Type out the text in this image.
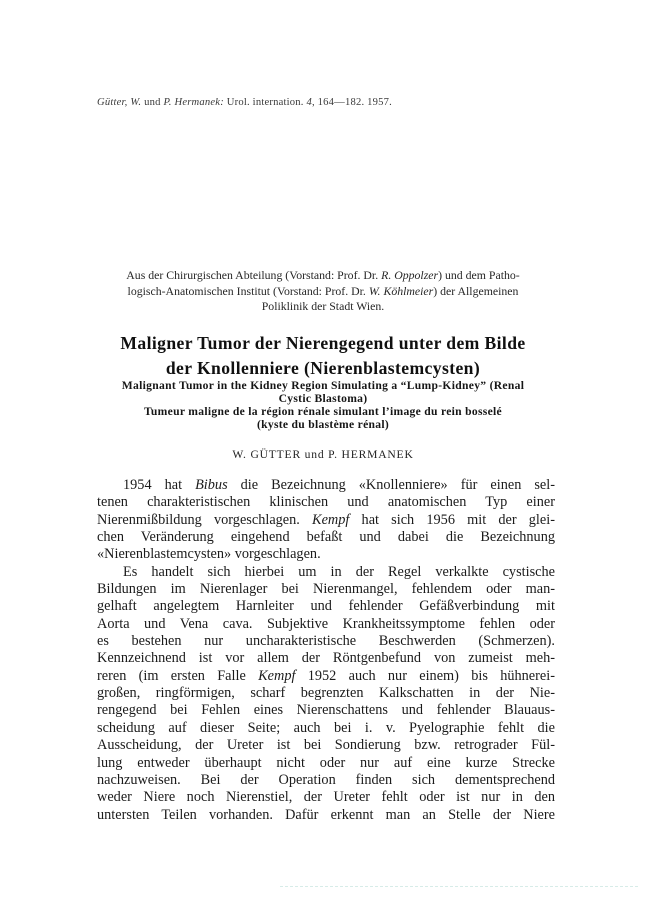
Gütter, W. und P. Hermanek: Urol. internation. 4, 164—182. 1957.
Aus der Chirurgischen Abteilung (Vorstand: Prof. Dr. R. Oppolzer) und dem Patho-
logisch-Anatomischen Institut (Vorstand: Prof. Dr. W. Köhlmeier) der Allgemeinen
Poliklinik der Stadt Wien.
Maligner Tumor der Nierengegend unter dem Bilde
der Knollenniere (Nierenblastemcysten)
Malignant Tumor in the Kidney Region Simulating a “Lump-Kidney” (Renal
Cystic Blastoma)
Tumeur maligne de la région rénale simulant l’image du rein bosselé
(kyste du blastème rénal)
W. GÜTTER und P. HERMANEK
1954 hat Bibus die Bezeichnung «Knollenniere» für einen sel-
tenen charakteristischen klinischen und anatomischen Typ einer
Nierenmißbildung vorgeschlagen. Kempf hat sich 1956 mit der glei-
chen Veränderung eingehend befaßt und dabei die Bezeichnung
«Nierenblastemcysten» vorgeschlagen.
Es handelt sich hierbei um in der Regel verkalkte cystische
Bildungen im Nierenlager bei Nierenmangel, fehlendem oder man-
gelhaft angelegtem Harnleiter und fehlender Gefäßverbindung mit
Aorta und Vena cava. Subjektive Krankheitssymptome fehlen oder
es bestehen nur uncharakteristische Beschwerden (Schmerzen).
Kennzeichnend ist vor allem der Röntgenbefund von zumeist meh-
reren (im ersten Falle Kempf 1952 auch nur einem) bis hühnerei-
großen, ringförmigen, scharf begrenzten Kalkschatten in der Nie-
rengegend bei Fehlen eines Nierenschattens und fehlender Blauaus-
scheidung auf dieser Seite; auch bei i. v. Pyelographie fehlt die
Ausscheidung, der Ureter ist bei Sondierung bzw. retrograder Fül-
lung entweder überhaupt nicht oder nur auf eine kurze Strecke
nachzuweisen. Bei der Operation finden sich dementsprechend
weder Niere noch Nierenstiel, der Ureter fehlt oder ist nur in den
untersten Teilen vorhanden. Dafür erkennt man an Stelle der Niere
